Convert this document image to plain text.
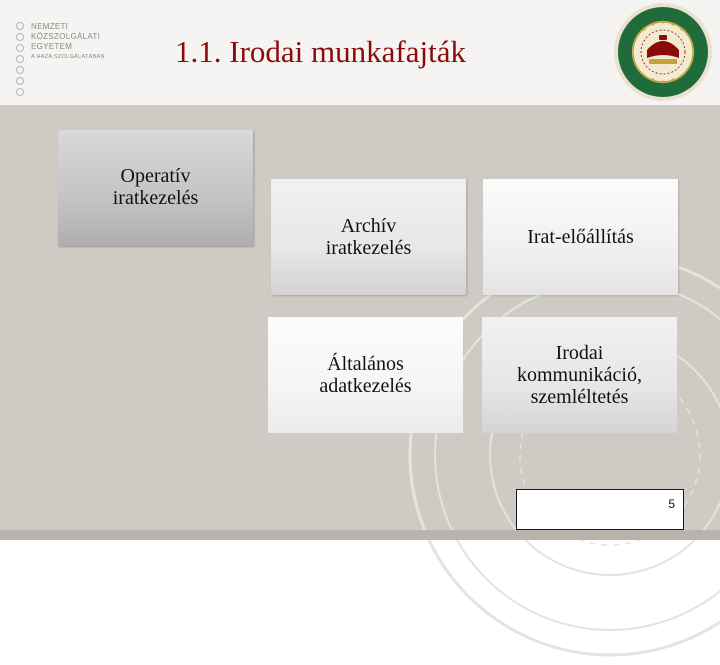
NEMZETI
KÖZSZOLGÁLATI
EGYETEM
A HAZA SZOLGÁLATÁBAN 1.1. Irodai munkafajták
Operatív
iratkezelés
Archív
iratkezelés	Irat-előállítás
Általános
adatkezelés
Irodai
kommunikáció,
szemléltetés
5
